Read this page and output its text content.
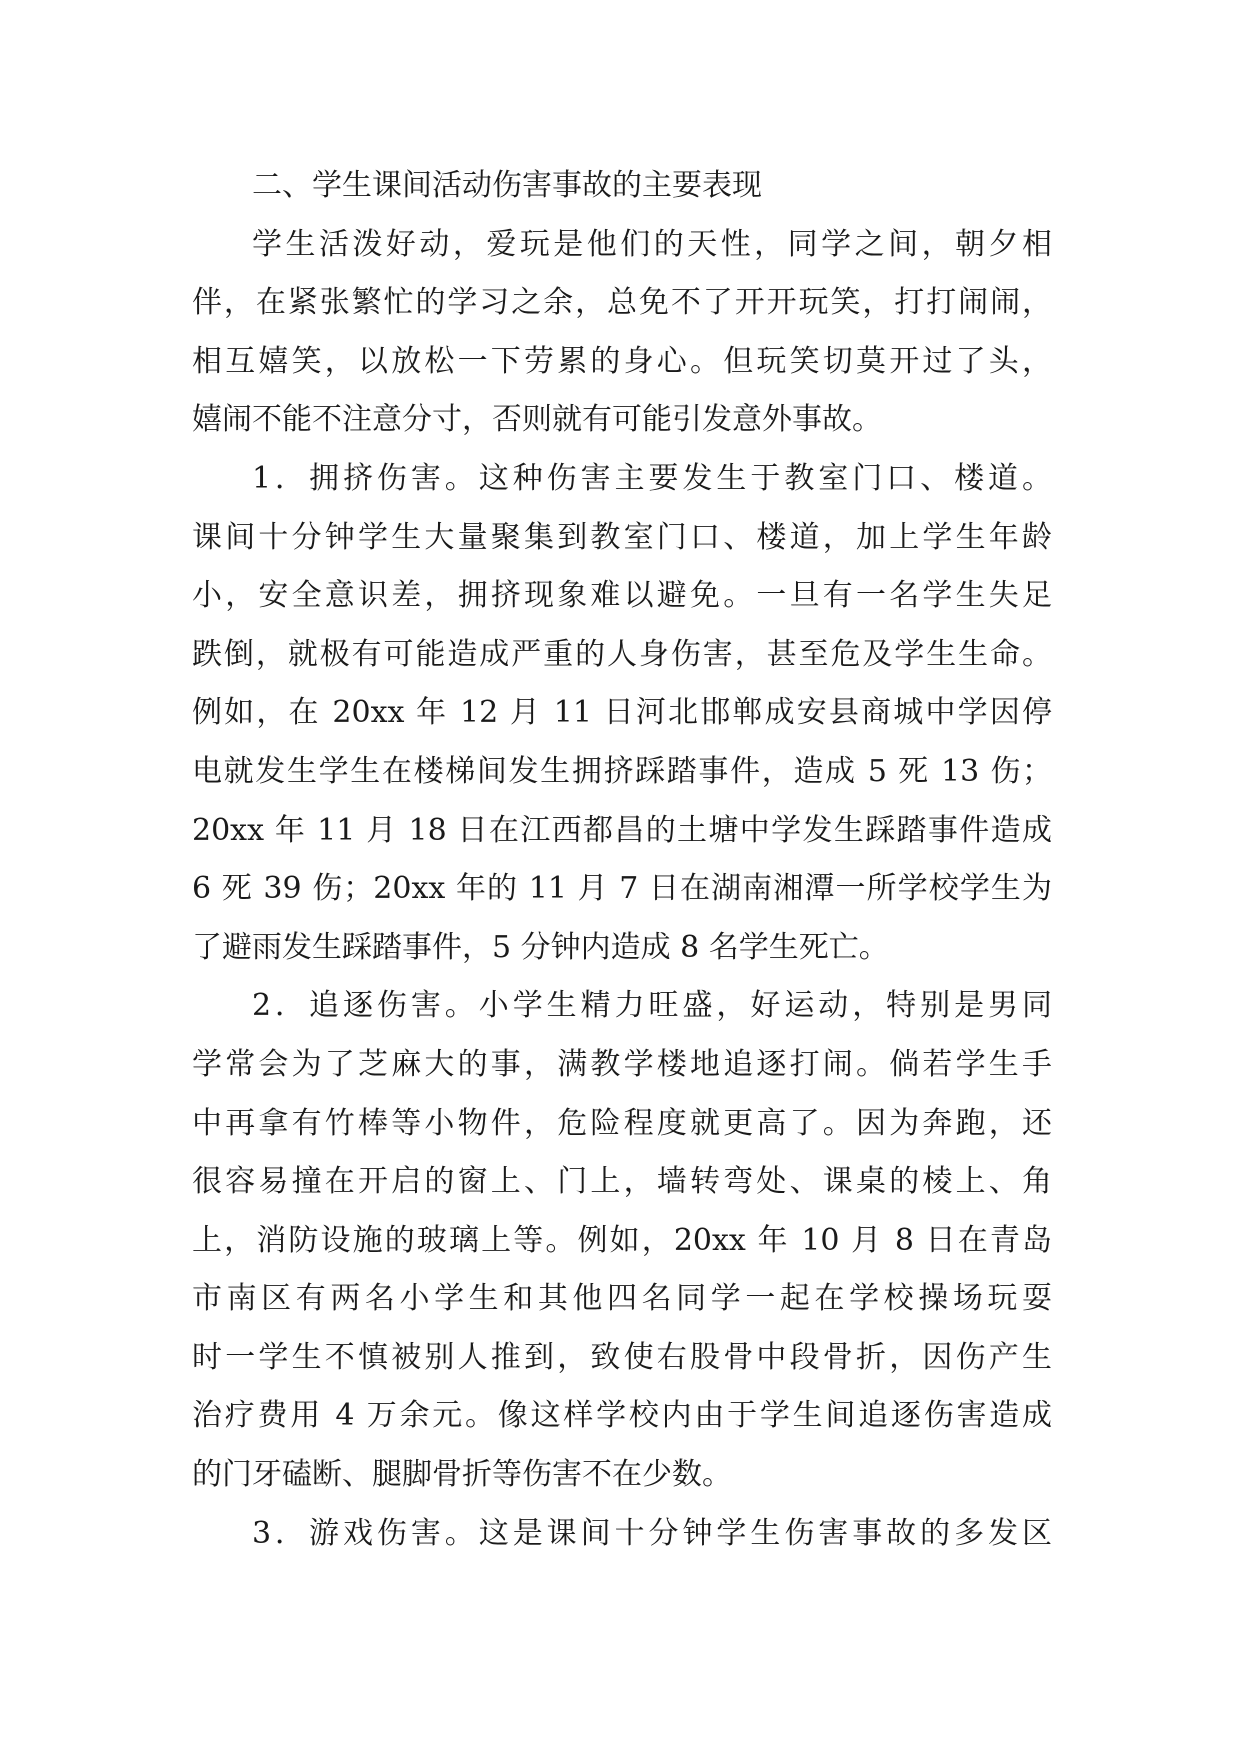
二、学生课间活动伤害事故的主要表现
学生活泼好动，爱玩是他们的天性，同学之间，朝夕相
伴，在紧张繁忙的学习之余，总免不了开开玩笑，打打闹闹，
相互嬉笑，以放松一下劳累的身心。但玩笑切莫开过了头，
嬉闹不能不注意分寸，否则就有可能引发意外事故。
1．拥挤伤害。这种伤害主要发生于教室门口、楼道。
课间十分钟学生大量聚集到教室门口、楼道，加上学生年龄
小，安全意识差，拥挤现象难以避免。一旦有一名学生失足
跌倒，就极有可能造成严重的人身伤害，甚至危及学生生命。
例如，在 20xx 年 12 月 11 日河北邯郸成安县商城中学因停
电就发生学生在楼梯间发生拥挤踩踏事件，造成 5 死 13 伤；
20xx 年 11 月 18 日在江西都昌的土塘中学发生踩踏事件造成
6 死 39 伤；20xx 年的 11 月 7 日在湖南湘潭一所学校学生为
了避雨发生踩踏事件，5 分钟内造成 8 名学生死亡。
2．追逐伤害。小学生精力旺盛，好运动，特别是男同
学常会为了芝麻大的事，满教学楼地追逐打闹。倘若学生手
中再拿有竹棒等小物件，危险程度就更高了。因为奔跑，还
很容易撞在开启的窗上、门上，墙转弯处、课桌的棱上、角
上，消防设施的玻璃上等。例如，20xx 年 10 月 8 日在青岛
市南区有两名小学生和其他四名同学一起在学校操场玩耍
时一学生不慎被别人推到，致使右股骨中段骨折，因伤产生
治疗费用 4 万余元。像这样学校内由于学生间追逐伤害造成
的门牙磕断、腿脚骨折等伤害不在少数。
3．游戏伤害。这是课间十分钟学生伤害事故的多发区
